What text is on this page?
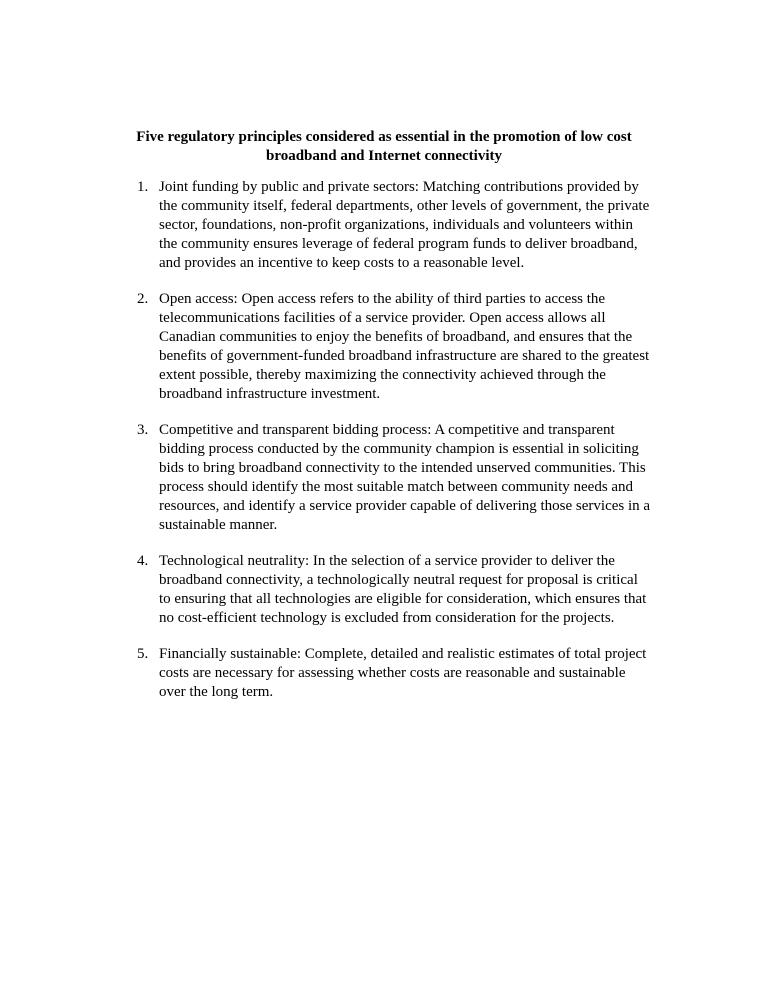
Five regulatory principles considered as essential in the promotion of low cost
broadband and Internet connectivity
1. Joint funding by public and private sectors: Matching contributions provided by
the community itself, federal departments, other levels of government, the private
sector, foundations, non-profit organizations, individuals and volunteers within
the community ensures leverage of federal program funds to deliver broadband,
and provides an incentive to keep costs to a reasonable level.
2. Open access: Open access refers to the ability of third parties to access the
telecommunications facilities of a service provider. Open access allows all
Canadian communities to enjoy the benefits of broadband, and ensures that the
benefits of government-funded broadband infrastructure are shared to the greatest
extent possible, thereby maximizing the connectivity achieved through the
broadband infrastructure investment.
3. Competitive and transparent bidding process: A competitive and transparent
bidding process conducted by the community champion is essential in soliciting
bids to bring broadband connectivity to the intended unserved communities. This
process should identify the most suitable match between community needs and
resources, and identify a service provider capable of delivering those services in a
sustainable manner.
4. Technological neutrality: In the selection of a service provider to deliver the
broadband connectivity, a technologically neutral request for proposal is critical
to ensuring that all technologies are eligible for consideration, which ensures that
no cost-efficient technology is excluded from consideration for the projects.
5. Financially sustainable: Complete, detailed and realistic estimates of total project
costs are necessary for assessing whether costs are reasonable and sustainable
over the long term.
